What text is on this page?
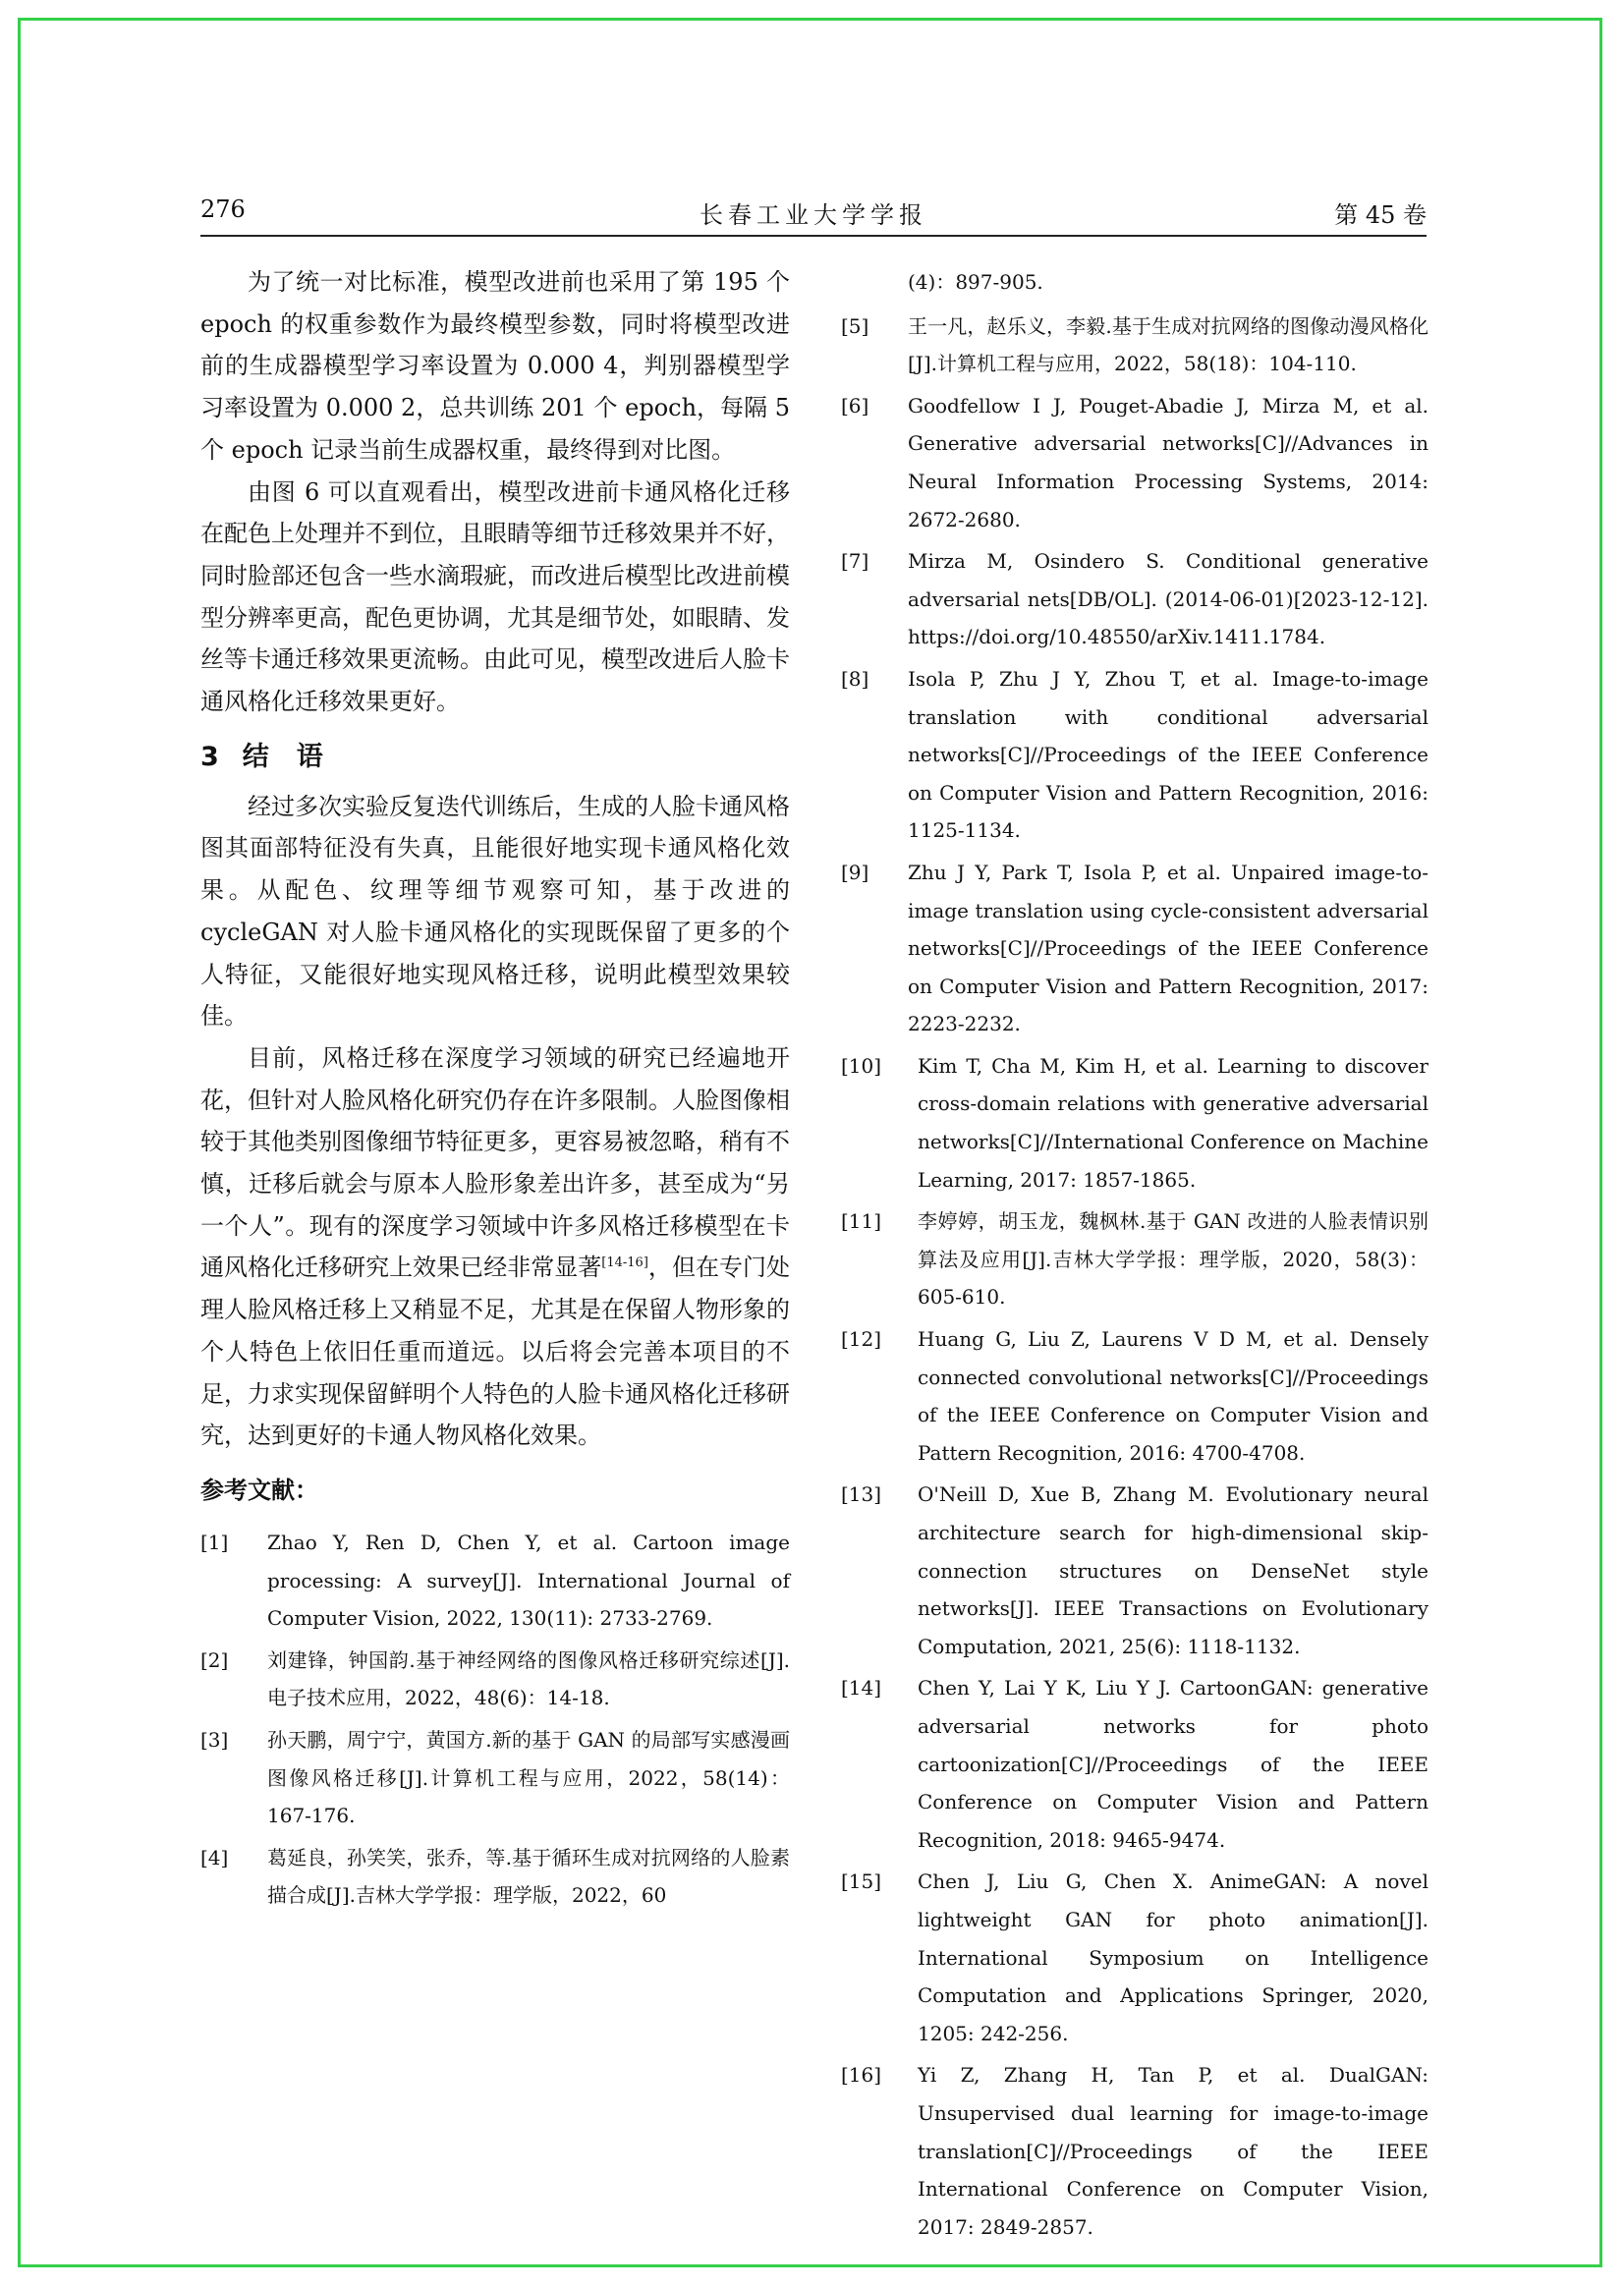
276	长春工业大学学报	第 45 卷

为了统一对比标准，模型改进前也采用了第 195 个 epoch 的权重参数作为最终模型参数，同时将模型改进前的生成器模型学习率设置为 0.000 4，判别器模型学习率设置为 0.000 2，总共训练 201 个 epoch，每隔 5 个 epoch 记录当前生成器权重，最终得到对比图。

由图 6 可以直观看出，模型改进前卡通风格化迁移在配色上处理并不到位，且眼睛等细节迁移效果并不好，同时脸部还包含一些水滴瑕疵，而改进后模型比改进前模型分辨率更高，配色更协调，尤其是细节处，如眼睛、发丝等卡通迁移效果更流畅。由此可见，模型改进后人脸卡通风格化迁移效果更好。

3 结语

经过多次实验反复迭代训练后，生成的人脸卡通风格图其面部特征没有失真，且能很好地实现卡通风格化效果。从配色、纹理等细节观察可知，基于改进的 cycleGAN 对人脸卡通风格化的实现既保留了更多的个人特征，又能很好地实现风格迁移，说明此模型效果较佳。

目前，风格迁移在深度学习领域的研究已经遍地开花，但针对人脸风格化研究仍存在许多限制。人脸图像相较于其他类别图像细节特征更多，更容易被忽略，稍有不慎，迁移后就会与原本人脸形象差出许多，甚至成为“另一个人”。现有的深度学习领域中许多风格迁移模型在卡通风格化迁移研究上效果已经非常显著[14-16]，但在专门处理人脸风格迁移上又稍显不足，尤其是在保留人物形象的个人特色上依旧任重而道远。以后将会完善本项目的不足，力求实现保留鲜明个人特色的人脸卡通风格化迁移研究，达到更好的卡通人物风格化效果。

参考文献：
[1]	Zhao Y, Ren D, Chen Y, et al. Cartoon image processing: A survey[J]. International Journal of Computer Vision, 2022, 130(11): 2733-2769.
[2]	刘建锋，钟国韵.基于神经网络的图像风格迁移研究综述[J].电子技术应用，2022，48(6)：14-18.
[3]	孙天鹏，周宁宁，黄国方.新的基于 GAN 的局部写实感漫画图像风格迁移[J].计算机工程与应用，2022，58(14)：167-176.
[4]	葛延良，孙笑笑，张乔，等.基于循环生成对抗网络的人脸素描合成[J].吉林大学学报：理学版，2022，60
(4)：897-905.
[5]	王一凡，赵乐义，李毅.基于生成对抗网络的图像动漫风格化[J].计算机工程与应用，2022，58(18)：104-110.
[6]	Goodfellow I J, Pouget-Abadie J, Mirza M, et al. Generative adversarial networks[C]//Advances in Neural Information Processing Systems, 2014: 2672-2680.
[7]	Mirza M, Osindero S. Conditional generative adversarial nets[DB/OL]. (2014-06-01)[2023-12-12]. https://doi.org/10.48550/arXiv.1411.1784.
[8]	Isola P, Zhu J Y, Zhou T, et al. Image-to-image translation with conditional adversarial networks[C]//Proceedings of the IEEE Conference on Computer Vision and Pattern Recognition, 2016: 1125-1134.
[9]	Zhu J Y, Park T, Isola P, et al. Unpaired image-to-image translation using cycle-consistent adversarial networks[C]//Proceedings of the IEEE Conference on Computer Vision and Pattern Recognition, 2017: 2223-2232.
[10]	Kim T, Cha M, Kim H, et al. Learning to discover cross-domain relations with generative adversarial networks[C]//International Conference on Machine Learning, 2017: 1857-1865.
[11]	李婷婷，胡玉龙，魏枫林.基于 GAN 改进的人脸表情识别算法及应用[J].吉林大学学报：理学版，2020，58(3)：605-610.
[12]	Huang G, Liu Z, Laurens V D M, et al. Densely connected convolutional networks[C]//Proceedings of the IEEE Conference on Computer Vision and Pattern Recognition, 2016: 4700-4708.
[13]	O'Neill D, Xue B, Zhang M. Evolutionary neural architecture search for high-dimensional skip-connection structures on DenseNet style networks[J]. IEEE Transactions on Evolutionary Computation, 2021, 25(6): 1118-1132.
[14]	Chen Y, Lai Y K, Liu Y J. CartoonGAN: generative adversarial networks for photo cartoonization[C]//Proceedings of the IEEE Conference on Computer Vision and Pattern Recognition, 2018: 9465-9474.
[15]	Chen J, Liu G, Chen X. AnimeGAN: A novel lightweight GAN for photo animation[J]. International Symposium on Intelligence Computation and Applications Springer, 2020, 1205: 242-256.
[16]	Yi Z, Zhang H, Tan P, et al. DualGAN: Unsupervised dual learning for image-to-image translation[C]//Proceedings of the IEEE International Conference on Computer Vision, 2017: 2849-2857.
